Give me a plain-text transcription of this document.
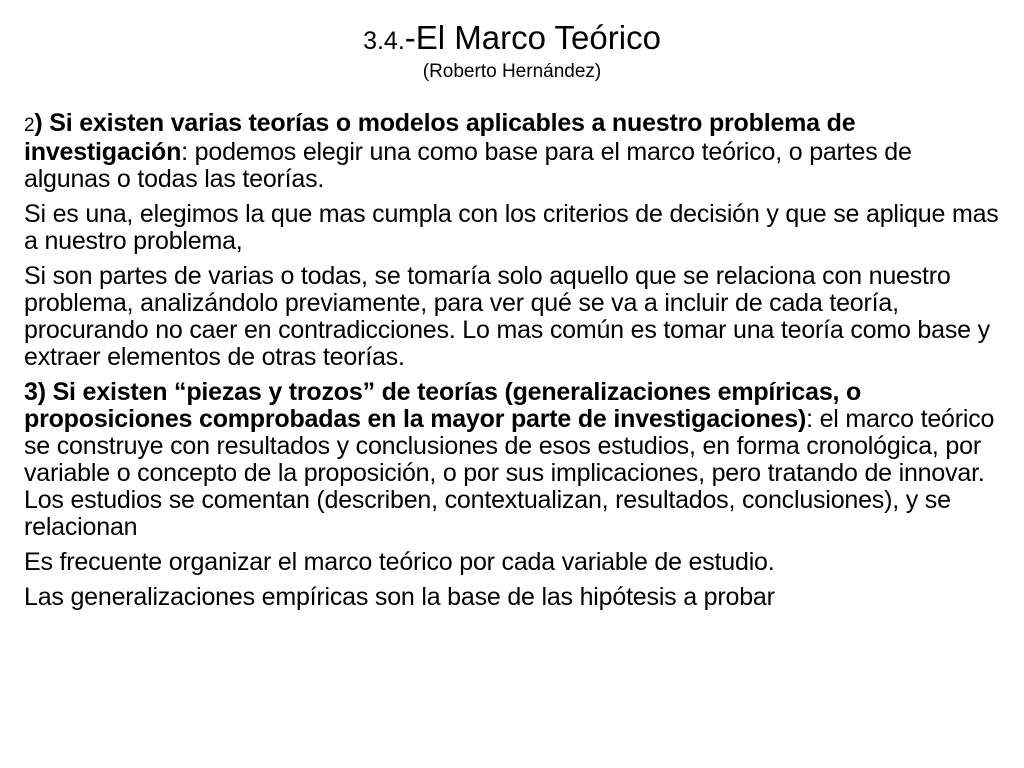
3.4.-El Marco Teórico

(Roberto Hernández)

2) Si existen varias teorías o modelos aplicables a nuestro problema de investigación: podemos elegir una como base para el marco teórico, o partes de algunas o todas las teorías.

Si es una, elegimos la que mas cumpla con los criterios de decisión y que se aplique mas a nuestro problema,

Si son partes de varias o todas, se tomaría solo aquello que se relaciona con nuestro problema, analizándolo previamente, para ver qué se va a incluir de cada teoría, procurando no caer en contradicciones. Lo mas común es tomar una teoría como base y extraer elementos de otras teorías.

3) Si existen “piezas y trozos” de teorías (generalizaciones empíricas, o proposiciones comprobadas en la mayor parte de investigaciones): el marco teórico se construye con resultados y conclusiones de esos estudios, en forma cronológica, por variable o concepto de la proposición, o por sus implicaciones, pero tratando de innovar. Los estudios se comentan (describen, contextualizan, resultados, conclusiones), y se relacionan

Es frecuente organizar el marco teórico por cada variable de estudio.

Las generalizaciones empíricas son la base de las hipótesis a probar
